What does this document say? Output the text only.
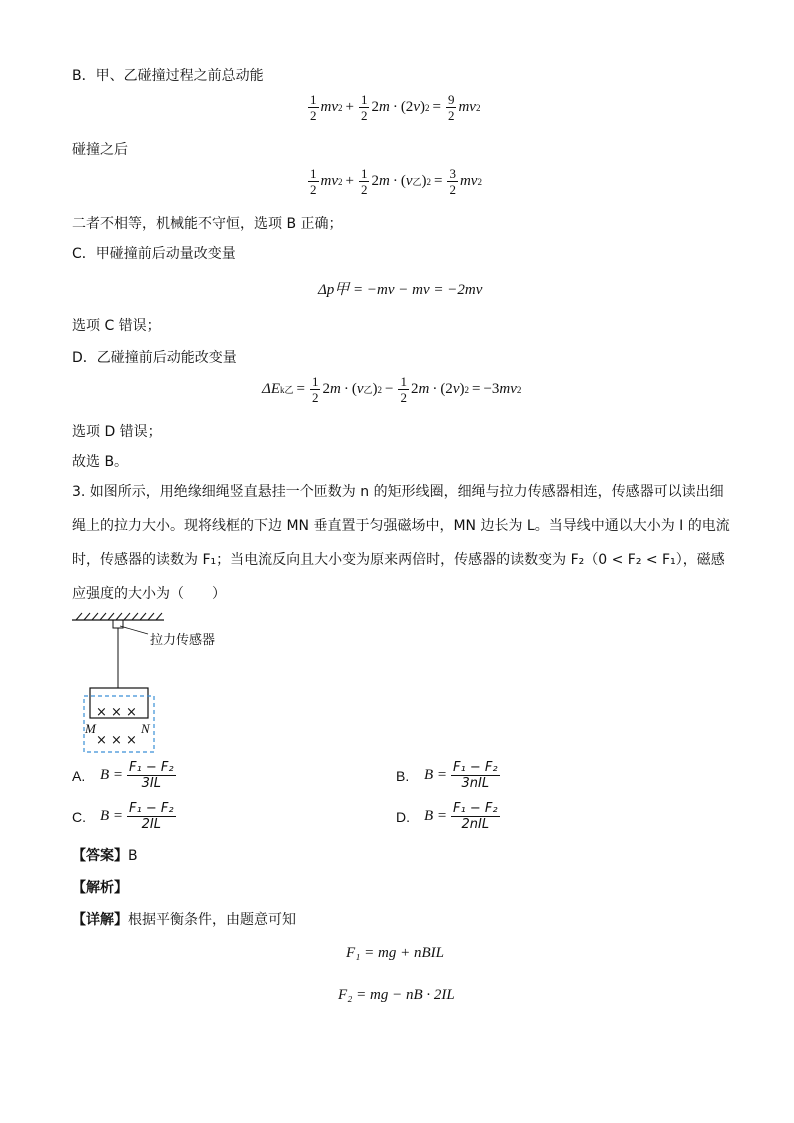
B．甲、乙碰撞过程之前总动能
$\frac{1}{2}$ mv $2 + \frac{1}{2} 2$ m · (2 v ) $2 = \frac{9}{2}$ mv 2
碰撞之后
$\frac{1}{2}$ mv $2 + \frac{1}{2} 2$ m · ( v 乙 ) $2 = \frac{3}{2}$ mv 2
二者不相等，机械能不守恒，选项 B 正确；
C．甲碰撞前后动量改变量
Δp甲 = −mv − mv = −2mv
选项 C 错误；
D．乙碰撞前后动能改变量
Δ E k乙 = $\frac{1}{2} 2$ m · ( v 乙 ) $2 - \frac{1}{2} 2$ m · (2 v ) 2 = −3 mv 2
选项 D 错误；
故选 B。
3. 如图所示，用绝缘细绳竖直悬挂一个匝数为 n 的矩形线圈，细绳与拉力传感器相连，传感器可以读出细
绳上的拉力大小。现将线框的下边 MN 垂直置于匀强磁场中，MN 边长为 L。当导线中通以大小为 I 的电流
时，传感器的读数为 F₁；当电流反向且大小变为原来两倍时，传感器的读数变为 F₂（0 < F₂ < F₁），磁感
应强度的大小为（　　）
× × ×
× × ×
拉力传感器
M	N
A. $B = \frac{\text{F₁ − F₂}}{3IL}$	B. $B = \frac{\text{F₁ − F₂}}{\text{3nIL}}$
C. $B = \frac{\text{F₁ − F₂}}{2IL}$	D. $B = \frac{\text{F₁ − F₂}}{\text{2nIL}}$
【答案】B
【解析】
【详解】根据平衡条件，由题意可知
F₁ = mg + nBIL
F₂ = mg − nB · 2IL
